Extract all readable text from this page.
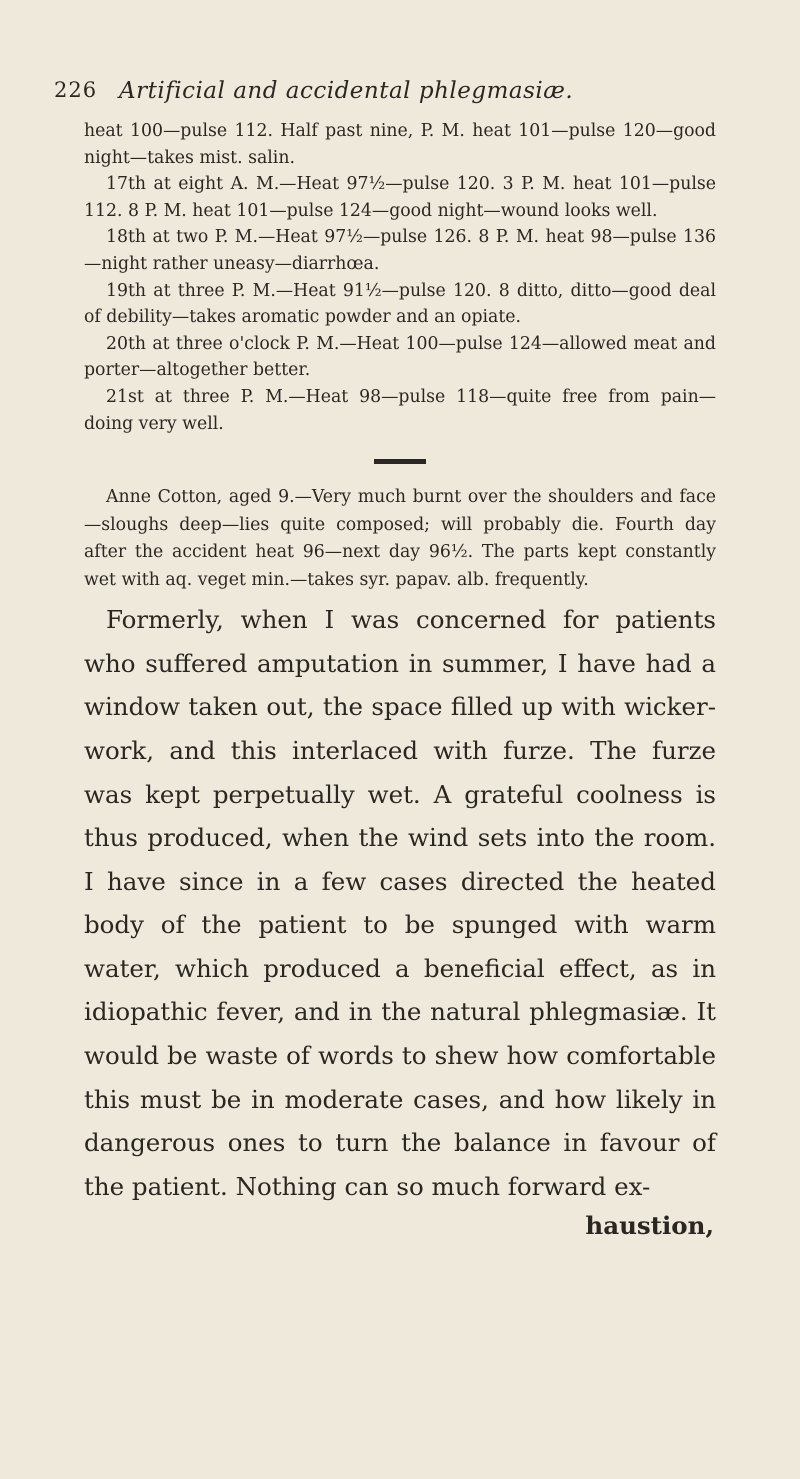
226 Artificial and accidental phlegmasiæ.

heat 100—pulse 112. Half past nine, P. M. heat 101—pulse 120—good night—takes mist. salin.

17th at eight A. M.—Heat 97½—pulse 120. 3 P. M. heat 101—pulse 112. 8 P. M. heat 101—pulse 124—good night—wound looks well.

18th at two P. M.—Heat 97½—pulse 126. 8 P. M. heat 98—pulse 136—night rather uneasy—diarrhœa.

19th at three P. M.—Heat 91½—pulse 120. 8 ditto, ditto—good deal of debility—takes aromatic powder and an opiate.

20th at three o'clock P. M.—Heat 100—pulse 124—allowed meat and porter—altogether better.

21st at three P. M.—Heat 98—pulse 118—quite free from pain—doing very well.

Anne Cotton, aged 9.—Very much burnt over the shoulders and face—sloughs deep—lies quite composed; will probably die. Fourth day after the accident heat 96—next day 96½. The parts kept constantly wet with aq. veget min.—takes syr. papav. alb. frequently.

Formerly, when I was concerned for patients who suffered amputation in summer, I have had a window taken out, the space filled up with wicker-work, and this interlaced with furze. The furze was kept perpetually wet. A grateful coolness is thus produced, when the wind sets into the room. I have since in a few cases directed the heated body of the patient to be spunged with warm water, which produced a beneficial effect, as in idiopathic fever, and in the natural phlegmasiæ. It would be waste of words to shew how comfortable this must be in moderate cases, and how likely in dangerous ones to turn the balance in favour of the patient. Nothing can so much forward ex-

haustion,
